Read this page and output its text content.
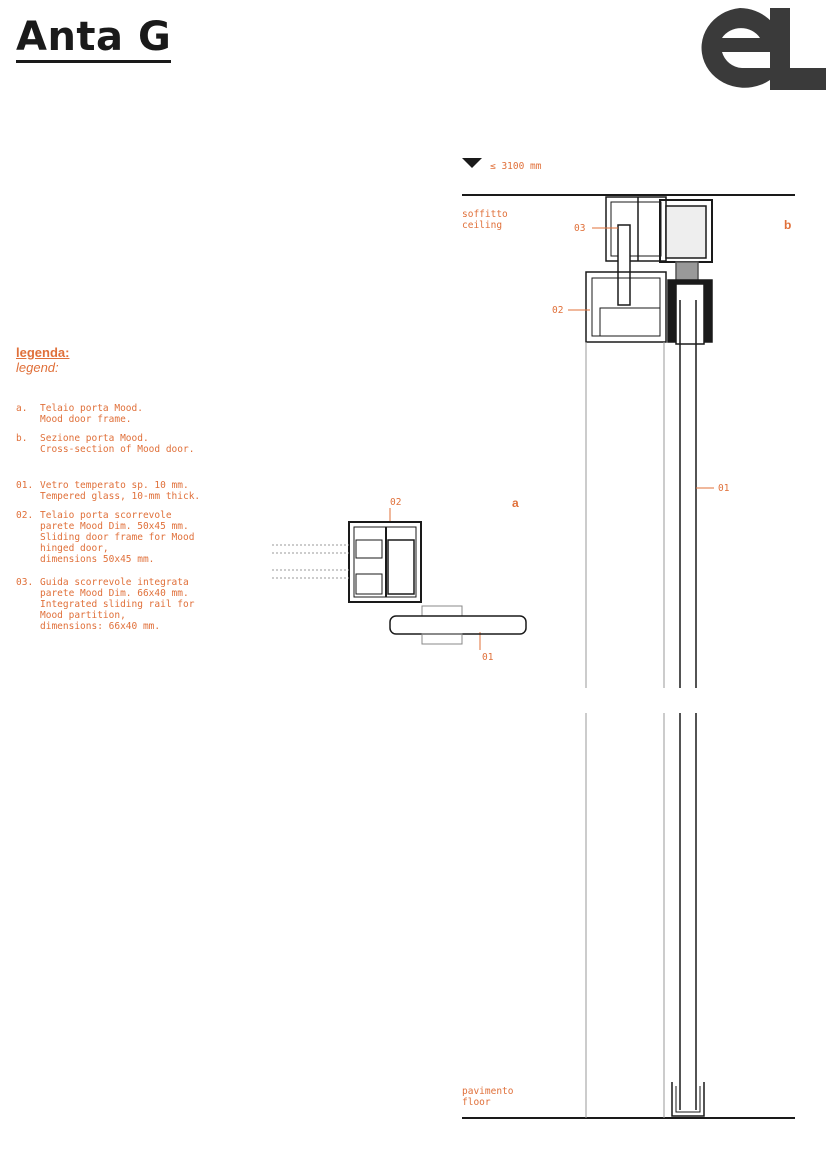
Anta G
≤ 3100 mm
soffitto
ceiling
pavimento
floor
b
a
03
02
01
02
01
legenda:
legend:
a. Telaio porta Mood.
Mood door frame.
b. Sezione porta Mood.
Cross-section of Mood door.
01. Vetro temperato sp. 10 mm.
Tempered glass, 10-mm thick.
02. Telaio porta scorrevole
parete Mood Dim. 50x45 mm.
Sliding door frame for Mood
hinged door,
dimensions 50x45 mm.
03. Guida scorrevole integrata
parete Mood Dim. 66x40 mm.
Integrated sliding rail for
Mood partition,
dimensions: 66x40 mm.
